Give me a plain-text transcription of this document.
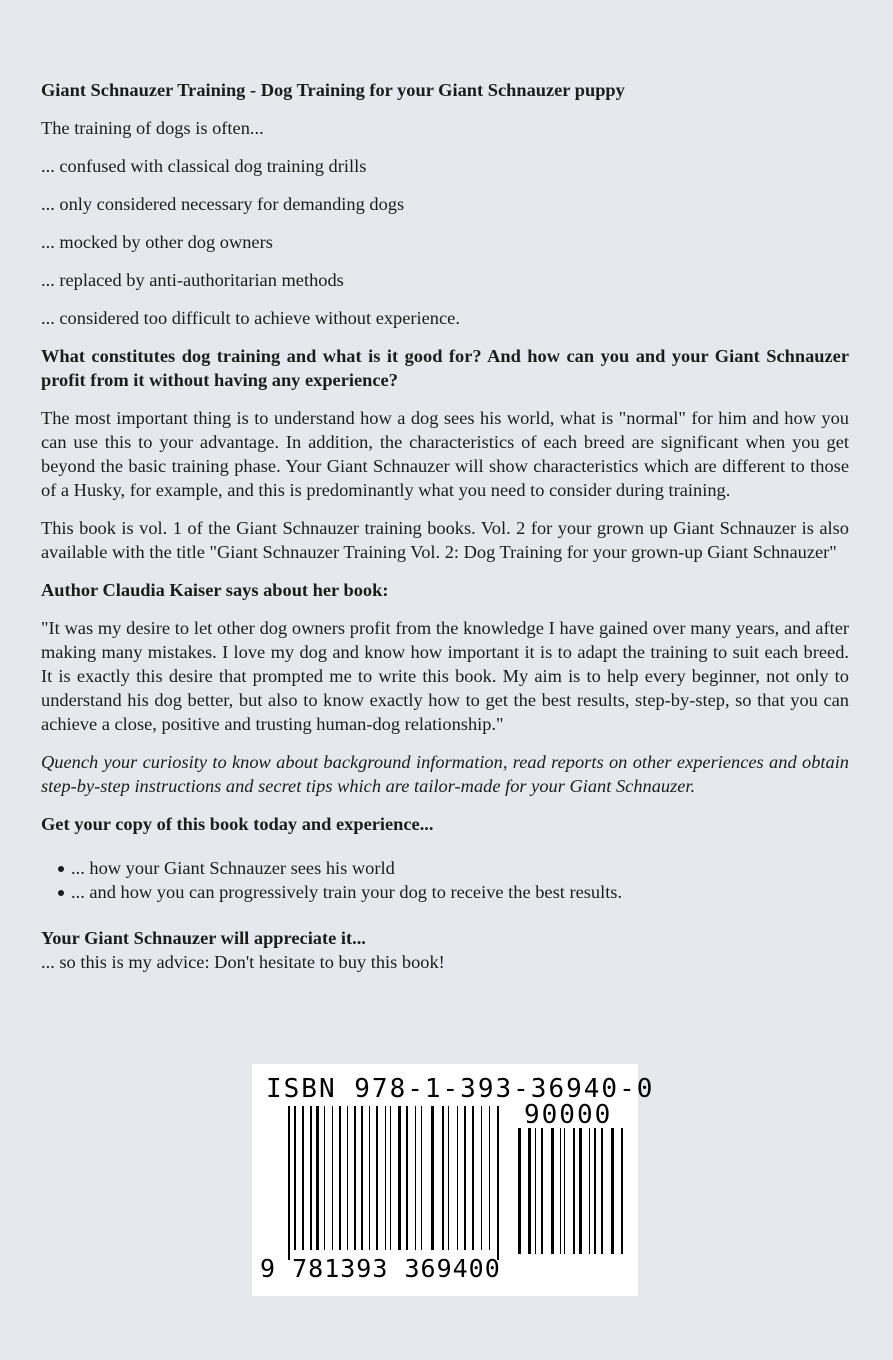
Giant Schnauzer Training - Dog Training for your Giant Schnauzer puppy

The training of dogs is often...

... confused with classical dog training drills

... only considered necessary for demanding dogs

... mocked by other dog owners

... replaced by anti-authoritarian methods

... considered too difficult to achieve without experience.

What constitutes dog training and what is it good for? And how can you and your Giant Schnauzer profit from it without having any experience?

The most important thing is to understand how a dog sees his world, what is "normal" for him and how you can use this to your advantage. In addition, the characteristics of each breed are significant when you get beyond the basic training phase. Your Giant Schnauzer will show characteristics which are different to those of a Husky, for example, and this is predominantly what you need to consider during training.

This book is vol. 1 of the Giant Schnauzer training books. Vol. 2 for your grown up Giant Schnauzer is also available with the title "Giant Schnauzer Training Vol. 2: Dog Training for your grown-up Giant Schnauzer"

Author Claudia Kaiser says about her book:

"It was my desire to let other dog owners profit from the knowledge I have gained over many years, and after making many mistakes. I love my dog and know how important it is to adapt the training to suit each breed. It is exactly this desire that prompted me to write this book. My aim is to help every beginner, not only to understand his dog better, but also to know exactly how to get the best results, step-by-step, so that you can achieve a close, positive and trusting human-dog relationship."

Quench your curiosity to know about background information, read reports on other experiences and obtain step-by-step instructions and secret tips which are tailor-made for your Giant Schnauzer.

Get your copy of this book today and experience...

... how your Giant Schnauzer sees his world
... and how you can progressively train your dog to receive the best results.

Your Giant Schnauzer will appreciate it...

... so this is my advice: Don't hesitate to buy this book!

ISBN 978-1-393-36940-0
90000
9 781393 369400
